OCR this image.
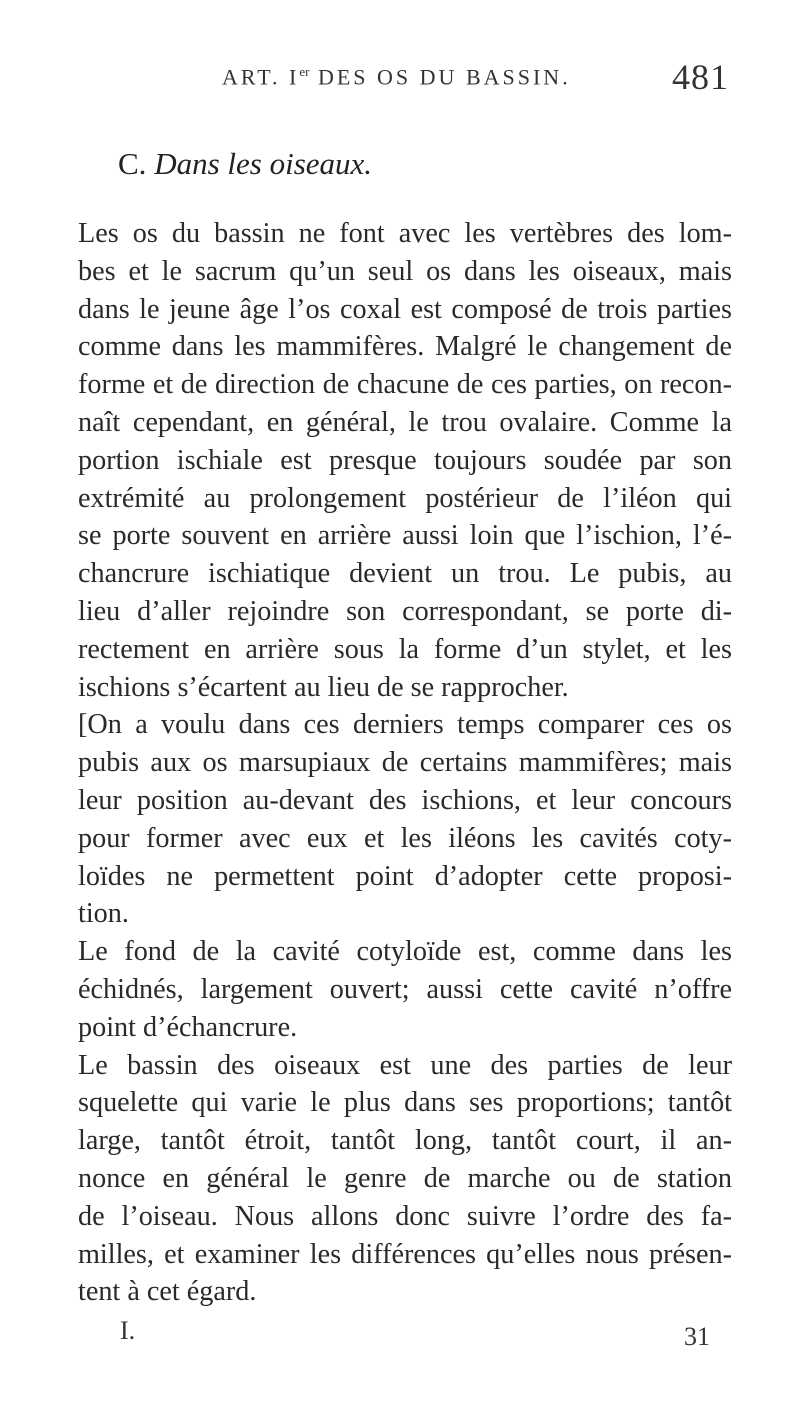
ART. Ier DES OS DU BASSIN.	481
C. Dans les oiseaux.
Les os du bassin ne font avec les vertèbres des lom-
bes et le sacrum qu’un seul os dans les oiseaux, mais
dans le jeune âge l’os coxal est composé de trois parties
comme dans les mammifères. Malgré le changement de
forme et de direction de chacune de ces parties, on recon-
naît cependant, en général, le trou ovalaire. Comme la
portion ischiale est presque toujours soudée par son
extrémité au prolongement postérieur de l’iléon qui
se porte souvent en arrière aussi loin que l’ischion, l’é-
chancrure ischiatique devient un trou. Le pubis, au
lieu d’aller rejoindre son correspondant, se porte di-
rectement en arrière sous la forme d’un stylet, et les
ischions s’écartent au lieu de se rapprocher.
[On a voulu dans ces derniers temps comparer ces os
pubis aux os marsupiaux de certains mammifères; mais
leur position au-devant des ischions, et leur concours
pour former avec eux et les iléons les cavités coty-
loïdes ne permettent point d’adopter cette proposi-
tion.
Le fond de la cavité cotyloïde est, comme dans les
échidnés, largement ouvert; aussi cette cavité n’offre
point d’échancrure.
Le bassin des oiseaux est une des parties de leur
squelette qui varie le plus dans ses proportions; tantôt
large, tantôt étroit, tantôt long, tantôt court, il an-
nonce en général le genre de marche ou de station
de l’oiseau. Nous allons donc suivre l’ordre des fa-
milles, et examiner les différences qu’elles nous présen-
tent à cet égard.
I.	31
